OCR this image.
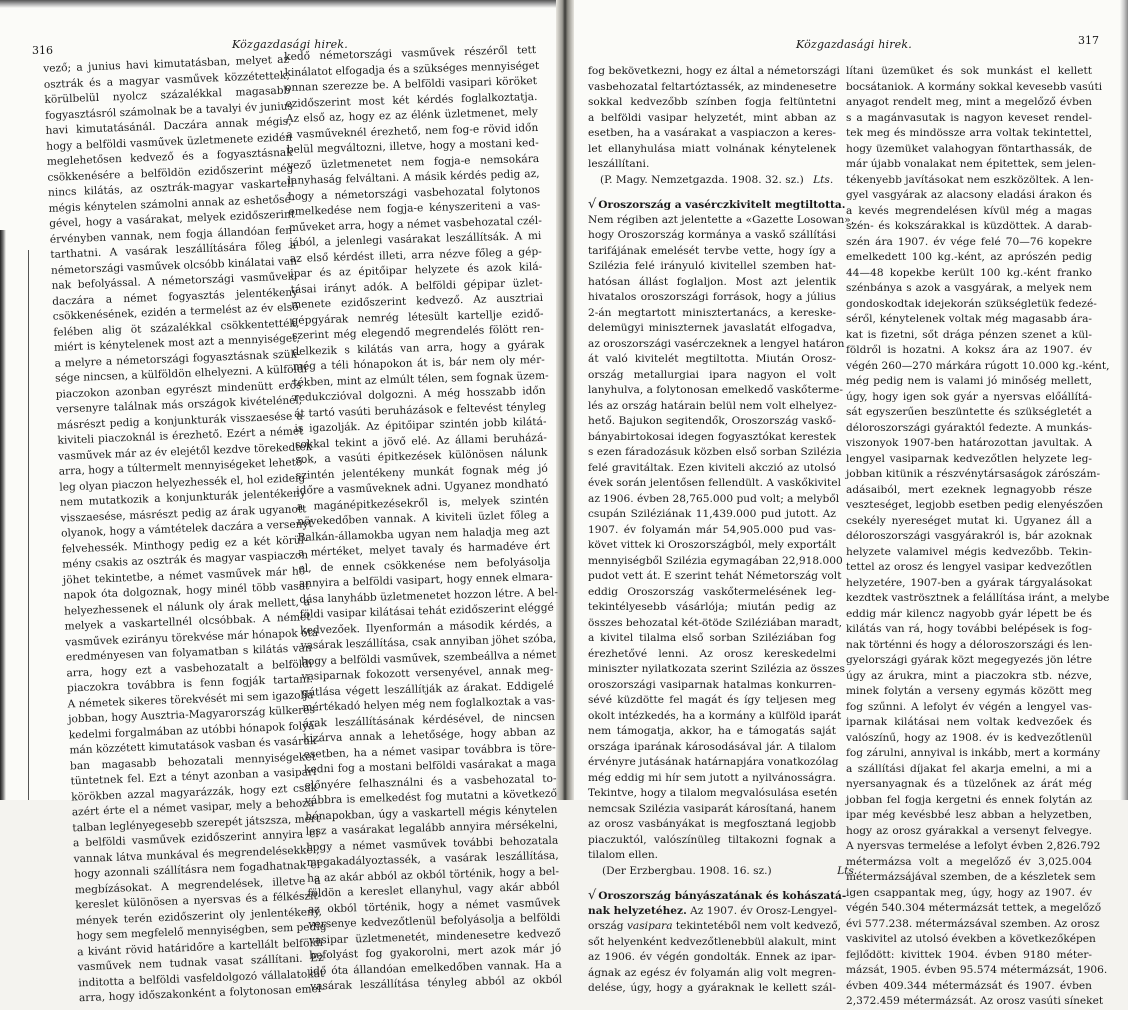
316	Közgazdasági hirek.
vező; a junius havi kimutatásban, melyet az
osztrák és a magyar vasművek közzétettek,
körülbelül nyolcz százalékkal magasabb
fogyasztásról számolnak be a tavalyi év junius
havi kimutatásánál. Daczára annak mégis,
hogy a belföldi vasművek üzletmenete ezidén
meglehetősen kedvező és a fogyasztásnak
csökkenésére a belföldön ezidőszerint még
nincs kilátás, az osztrák-magyar vaskartell
mégis kénytelen számolni annak az eshetősé-
gével, hogy a vasárakat, melyek ezidőszerint
érvényben vannak, nem fogja állandóan fen-
tarthatni. A vasárak leszállítására főleg a
németországi vasművek olcsóbb kinálatai van-
nak befolyással. A németországi vasművek,
daczára a német fogyasztás jelentékeny
csökkenésének, ezidén a termelést az év első
felében alig öt százalékkal csökkentették,
miért is kénytelenek most azt a mennyiséget,
a melyre a németországi fogyasztásnak szük-
sége nincsen, a külföldön elhelyezni. A külföldi
piaczokon azonban egyrészt mindenütt erős
versenyre találnak más országok kivételénél,
másrészt pedig a konjunkturák visszaesése a
kiviteli piaczoknál is érezhető. Ezért a német
vasművek már az év elejétől kezdve törekedtek
arra, hogy a túltermelt mennyiségeket lehető-
leg olyan piaczon helyezhessék el, hol ezideig
nem mutatkozik a konjunkturák jelentékeny
visszaesése, másrészt pedig az árak ugyanott
olyanok, hogy a vámtételek daczára a versenyt
felvehessék. Minthogy pedig ez a két körül-
mény csakis az osztrák és magyar vaspiaczon
jöhet tekintetbe, a német vasművek már hó-
napok óta dolgoznak, hogy minél több vasat
helyezhessenek el nálunk oly árak mellett, a
melyek a vaskartellnél olcsóbbak. A német
vasművek ezirányu törekvése már hónapok óta
eredményesen van folyamatban s kilátás van
arra, hogy ezt a vasbehozatalt a belföldi
piaczokra továbbra is fenn fogják tartani.
A németek sikeres törekvését mi sem igazolja
jobban, hogy Ausztria-Magyarország külkeres-
kedelmi forgalmában az utóbbi hónapok folya-
mán közzétett kimutatások vasban és vasáruk-
ban magasabb behozatali mennyiségeket
tüntetnek fel. Ezt a tényt azonban a vasipari
körökben azzal magyarázzák, hogy ezt csak
azért érte el a német vasipar, mely a behoza-
talban leglényegesebb szerepét játszsza, mert
a belföldi vasművek ezidőszerint annyira el
vannak látva munkával és megrendelésekkel,
hogy azonnali szállításra nem fogadhatnak el
megbízásokat. A megrendelések, illetve a
kereslet különösen a nyersvas és a félkészít-
mények terén ezidőszerint oly jenlentékeny,
hogy sem megfelelő mennyiségben, sem pedig
a kivánt rövid határidőre a kartellált belföldi
vasművek nem tudnak vasat szállítani. Ez
inditotta a belföldi vasfeldolgozó vállalatokat
arra, hogy időszakonként a folytonosan emel-
kedő németországi vasművek részéről tett
kinálatot elfogadja és a szükséges mennyiséget
onnan szerezze be. A belföldi vasipari köröket
ezidőszerint most két kérdés foglalkoztatja.
Az első az, hogy ez az élénk üzletmenet, mely
a vasműveknél érezhető, nem fog-e rövid időn
belül megváltozni, illetve, hogy a mostani ked-
vező üzletmenetet nem fogja-e nemsokára
lanyhaság felváltani. A másik kérdés pedig az,
hogy a németországi vasbehozatal folytonos
emelkedése nem fogja-e kényszeriteni a vas-
műveket arra, hogy a német vasbehozatal czél-
jából, a jelenlegi vasárakat leszállítsák. A mi
az első kérdést illeti, arra nézve főleg a gép-
ipar és az épitőipar helyzete és azok kilá-
tásai irányt adók. A belföldi gépipar üzlet-
menete ezidőszerint kedvező. Az ausztriai
gépgyárak nemrég létesült kartellje ezidő-
szerint még elegendő megrendelés fölött ren-
delkezik s kilátás van arra, hogy a gyárak
még a téli hónapokon át is, bár nem oly mér-
tékben, mint az elmúlt télen, sem fognak üzem-
redukczióval dolgozni. A még hosszabb időn
át tartó vasúti beruházások e feltevést tényleg
is igazolják. Az épitőipar szintén jobb kilátá-
sokkal tekint a jövő elé. Az állami beruházá-
sok, a vasúti épitkezések különösen nálunk
szintén jelentékeny munkát fognak még jó
időre a vasműveknek adni. Ugyanez mondható
a magánépitkezésekről is, melyek szintén
növekedőben vannak. A kiviteli üzlet főleg a
Balkán-államokba ugyan nem haladja meg azt
a mértéket, melyet tavaly és harmadéve ért
el, de ennek csökkenése nem befolyásolja
annyira a belföldi vasipart, hogy ennek elmara-
dása lanyhább üzletmenetet hozzon létre. A bel-
földi vasipar kilátásai tehát ezidőszerint eléggé
kedvezőek. Ilyenformán a második kérdés, a
vasárak leszállítása, csak annyiban jöhet szóba,
hogy a belföldi vasművek, szembeállva a német
vasiparnak fokozott versenyével, annak meg-
gátlása végett leszállítják az árakat. Eddigelé
mértékadó helyen még nem foglalkoztak a vas-
árak leszállításának kérdésével, de nincsen
kizárva annak a lehetősége, hogy abban az
esetben, ha a német vasipar továbbra is töre-
kedni fog a mostani belföldi vasárakat a maga
előnyére felhasználni és a vasbehozatal to-
vábbra is emelkedést fog mutatni a következő
hónapokban, úgy a vaskartell mégis kénytelen
lesz a vasárakat legalább annyira mérsékelni,
hogy a német vasművek további behozatala
megakadályoztassék, a vasárak leszállítása,
ha az akár abból az okból történik, hogy a bel-
földön a kereslet ellanyhul, vagy akár abból
az okból történik, hogy a német vasművek
versenye kedvezőtlenül befolyásolja a belföldi
vasipar üzletmenetét, mindenesetre kedvező
befolyást fog gyakorolni, mert azok már jó
idő óta állandóan emelkedőben vannak. Ha a
vasárak leszállítása tényleg abból az okból
Közgazdasági hirek.	317
fog bekövetkezni, hogy ez által a németországi
vasbehozatal feltartóztassék, az mindenesetre
sokkal kedvezőbb színben fogja feltüntetni
a belföldi vasipar helyzetét, mint abban az
esetben, ha a vasárakat a vaspiaczon a keres-
let ellanyhulása miatt volnának kénytelenek
leszállítani.
(P. Magy. Nemzetgazda. 1908. 32. sz.) Lts.
√ Oroszország a vasérczkivitelt megtiltotta.
Nem régiben azt jelentette a «Gazette Losowan»,
hogy Oroszország kormánya a vaskő szállítási
tarifájának emelését tervbe vette, hogy így a
Szilézia felé irányuló kivitellel szemben hat-
hatósan állást foglaljon. Most azt jelentik
hivatalos oroszországi források, hogy a július
2-án megtartott minisztertanács, a kereske-
delemügyi miniszternek javaslatát elfogadva,
az oroszországi vasérczeknek a lengyel határon
át való kivitelét megtiltotta. Miután Orosz-
ország metallurgiai ipara nagyon el volt
lanyhulva, a folytonosan emelkedő vaskőterme-
lés az ország határain belül nem volt elhelyez-
hető. Bajukon segitendők, Oroszország vaskő-
bányabirtokosai idegen fogyasztókat kerestek
s ezen fáradozásuk közben első sorban Szilézia
felé gravitáltak. Ezen kiviteli akczió az utolsó
évek során jelentősen fellendült. A vaskőkivitel
az 1906. évben 28,765.000 pud volt; a melyből
csupán Sziléziának 11,439.000 pud jutott. Az
1907. év folyamán már 54,905.000 pud vas-
követ vittek ki Oroszországból, mely exportált
mennyiségből Szilézia egymagában 22,918.000
pudot vett át. E szerint tehát Németország volt
eddig Oroszország vaskőtermelésének leg-
tekintélyesebb vásárlója; miután pedig az
összes behozatal két-ötöde Sziléziában maradt,
a kivitel tilalma első sorban Sziléziában fog
érezhetővé lenni. Az orosz kereskedelmi
miniszter nyilatkozata szerint Szilézia az összes
oroszországi vasiparnak hatalmas konkurren-
sévé küzdötte fel magát és így teljesen meg
okolt intézkedés, ha a kormány a külföld iparát
nem támogatja, akkor, ha e támogatás saját
országa iparának károsodásával jár. A tilalom
érvényre jutásának határnapjára vonatkozólag
még eddig mi hír sem jutott a nyilvánosságra.
Tekintve, hogy a tilalom megvalósulása esetén
nemcsak Szilézia vasiparát károsítaná, hanem
az orosz vasbányákat is megfosztaná legjobb
piaczuktól, valószínüleg tiltakozni fognak a
tilalom ellen.
(Der Erzbergbau. 1908. 16. sz.)	Lts.
√ Oroszország bányászatának és kohászatá-
nak helyzetéhez. Az 1907. év Orosz-Lengyel-
ország vasipara tekintetéből nem volt kedvező,
sőt helyenként kedvezőtlenebbül alakult, mint
az 1906. év végén gondolták. Ennek az ipar-
ágnak az egész év folyamán alig volt megren-
delése, úgy, hogy a gyáraknak le kellett szál-
lítani üzemüket és sok munkást el kellett
bocsátaniok. A kormány sokkal kevesebb vasúti
anyagot rendelt meg, mint a megelőző évben
s a magánvasutak is nagyon keveset rendel-
tek meg és mindössze arra voltak tekintettel,
hogy üzemüket valahogyan föntarthassák, de
már újabb vonalakat nem épitettek, sem jelen-
tékenyebb javításokat nem eszközöltek. A len-
gyel vasgyárak az alacsony eladási árakon és
a kevés megrendelésen kívül még a magas
szén- és kokszárakkal is küzdöttek. A darab-
szén ára 1907. év vége felé 70—76 kopekre
emelkedett 100 kg.-ként, az aprószén pedig
44—48 kopekbe került 100 kg.-ként franko
szénbánya s azok a vasgyárak, a melyek nem
gondoskodtak idejekorán szükségletük fedezé-
séről, kénytelenek voltak még magasabb ára-
kat is fizetni, sőt drága pénzen szenet a kül-
földről is hozatni. A koksz ára az 1907. év
végén 260—270 márkára rúgott 10.000 kg.-ként,
még pedig nem is valami jó minőség mellett,
úgy, hogy igen sok gyár a nyersvas előállítá-
sát egyszerűen beszüntette és szükségletét a
déloroszországi gyáraktól fedezte. A munkás-
viszonyok 1907-ben határozottan javultak. A
lengyel vasiparnak kedvezőtlen helyzete leg-
jobban kitünik a részvénytársaságok zárószám-
adásaiból, mert ezeknek legnagyobb része
veszteséget, legjobb esetben pedig elenyészően
csekély nyereséget mutat ki. Ugyanez áll a
déloroszországi vasgyárakról is, bár azoknak
helyzete valamivel mégis kedvezőbb. Tekin-
tettel az orosz és lengyel vasipar kedvezőtlen
helyzetére, 1907-ben a gyárak tárgyalásokat
kezdtek vaströsztnek a felállítása iránt, a melybe
eddig már kilencz nagyobb gyár lépett be és
kilátás van rá, hogy további belépések is fog-
nak történni és hogy a déloroszországi és len-
gyelországi gyárak közt megegyezés jön létre
úgy az árukra, mint a piaczokra stb. nézve,
minek folytán a verseny egymás között meg
fog szűnni. A lefolyt év végén a lengyel vas-
iparnak kilátásai nem voltak kedvezőek és
valószínű, hogy az 1908. év is kedvezőtlenül
fog zárulni, annyival is inkább, mert a kormány
a szállítási díjakat fel akarja emelni, a mi a
nyersanyagnak és a tüzelőnek az árát még
jobban fel fogja kergetni és ennek folytán az
ipar még kevésbbé lesz abban a helyzetben,
hogy az orosz gyárakkal a versenyt felvegye.
A nyersvas termelése a lefolyt évben 2,826.792
métermázsa volt a megelőző év 3,025.004
métermázsájával szemben, de a készletek sem
igen csappantak meg, úgy, hogy az 1907. év
végén 540.304 métermázsát tettek, a megelőző
évi 577.238. métermázsával szemben. Az orosz
vaskivitel az utolsó években a következőképen
fejlődött: kivittek 1904. évben 9180 méter-
mázsát, 1905. évben 95.574 métermázsát, 1906.
évben 409.344 métermázsát és 1907. évben
2,372.459 métermázsát. Az orosz vasúti síneket
